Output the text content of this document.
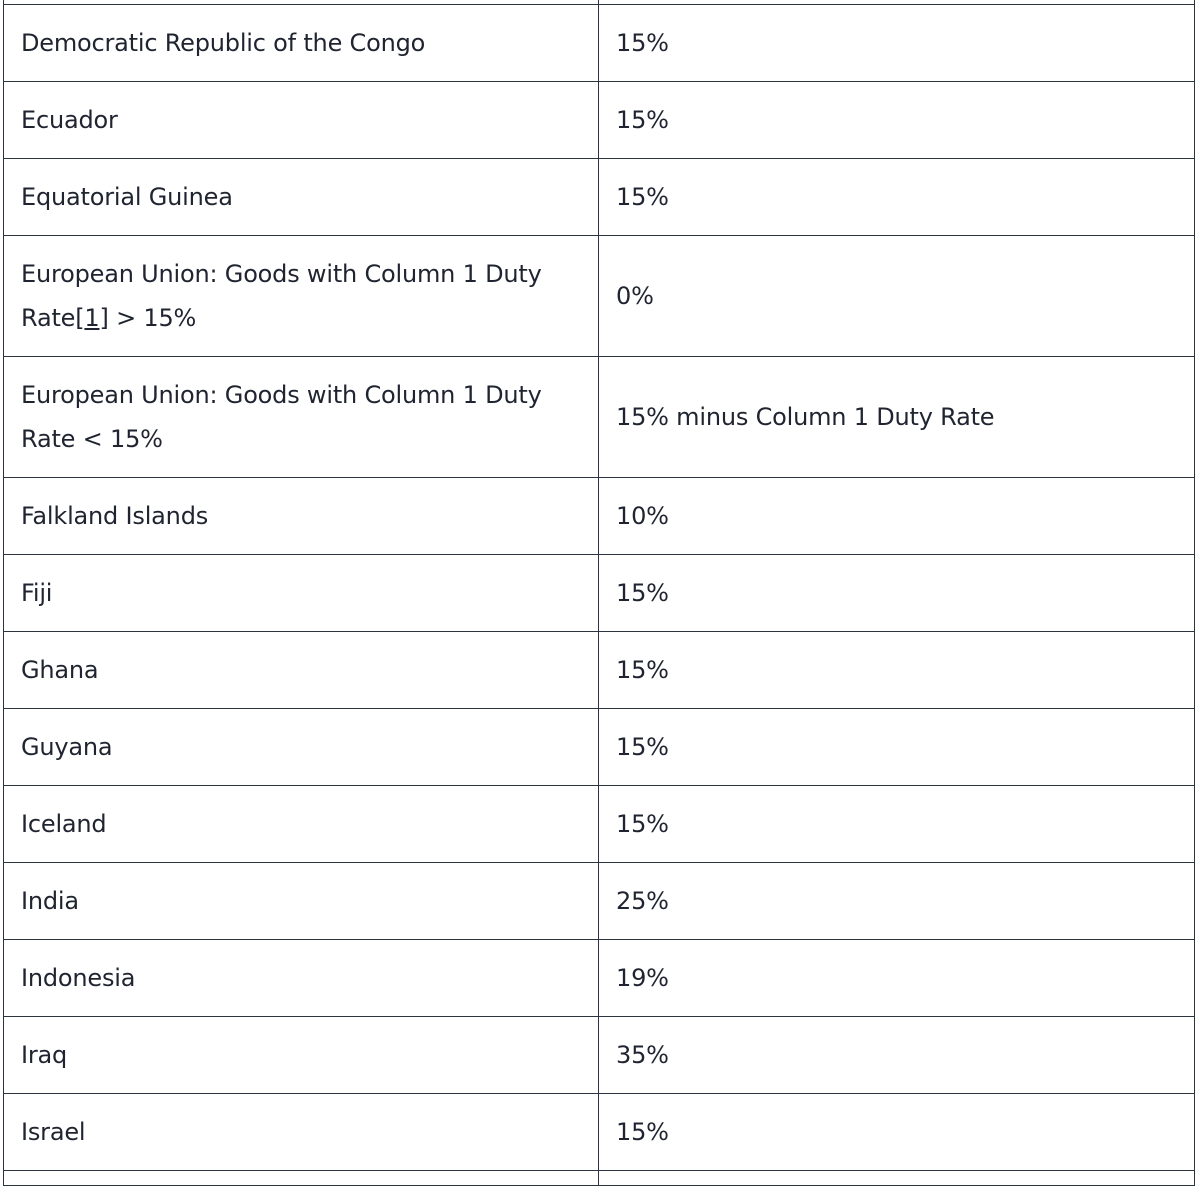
Democratic Republic of the Congo	15%
Ecuador	15%
Equatorial Guinea	15%
European Union: Goods with Column 1 Duty Rate[1] > 15%	0%
European Union: Goods with Column 1 Duty Rate < 15%	15% minus Column 1 Duty Rate
Falkland Islands	10%
Fiji	15%
Ghana	15%
Guyana	15%
Iceland	15%
India	25%
Indonesia	19%
Iraq	35%
Israel	15%
